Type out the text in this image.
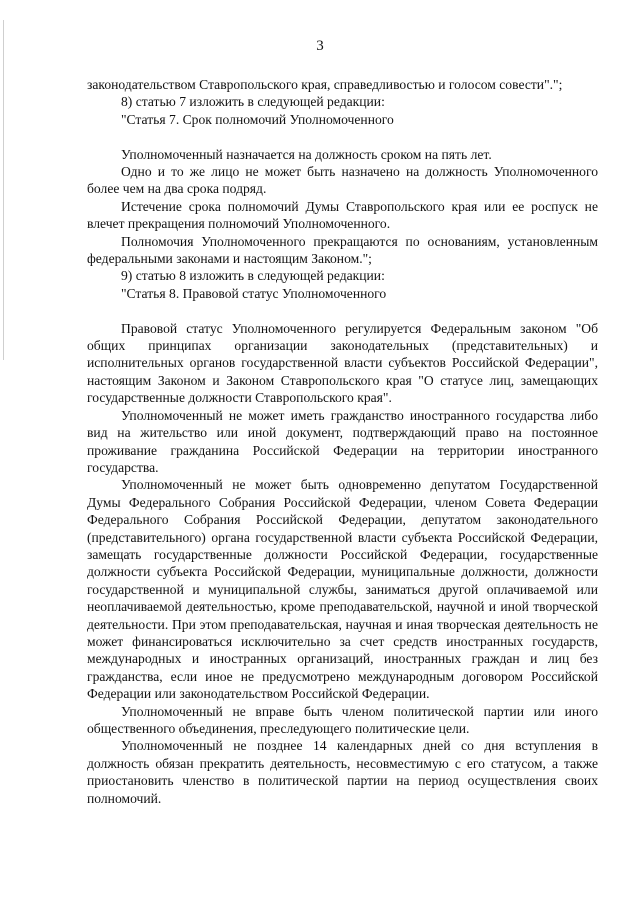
3

законодательством Ставропольского края, справедливостью и голосом совести".";

8) статью 7 изложить в следующей редакции:

"Статья 7. Срок полномочий Уполномоченного

Уполномоченный назначается на должность сроком на пять лет.

Одно и то же лицо не может быть назначено на должность Уполномоченного более чем на два срока подряд.

Истечение срока полномочий Думы Ставропольского края или ее роспуск не влечет прекращения полномочий Уполномоченного.

Полномочия Уполномоченного прекращаются по основаниям, установленным федеральными законами и настоящим Законом.";

9) статью 8 изложить в следующей редакции:

"Статья 8. Правовой статус Уполномоченного

Правовой статус Уполномоченного регулируется Федеральным законом "Об общих принципах организации законодательных (представительных) и исполнительных органов государственной власти субъектов Российской Федерации", настоящим Законом и Законом Ставропольского края "О статусе лиц, замещающих государственные должности Ставропольского края".

Уполномоченный не может иметь гражданство иностранного государства либо вид на жительство или иной документ, подтверждающий право на постоянное проживание гражданина Российской Федерации на территории иностранного государства.

Уполномоченный не может быть одновременно депутатом Государственной Думы Федерального Собрания Российской Федерации, членом Совета Федерации Федерального Собрания Российской Федерации, депутатом законодательного (представительного) органа государственной власти субъекта Российской Федерации, замещать государственные должности Российской Федерации, государственные должности субъекта Российской Федерации, муниципальные должности, должности государственной и муниципальной службы, заниматься другой оплачиваемой или неоплачиваемой деятельностью, кроме преподавательской, научной и иной творческой деятельности. При этом преподавательская, научная и иная творческая деятельность не может финансироваться исключительно за счет средств иностранных государств, международных и иностранных организаций, иностранных граждан и лиц без гражданства, если иное не предусмотрено международным договором Российской Федерации или законодательством Российской Федерации.

Уполномоченный не вправе быть членом политической партии или иного общественного объединения, преследующего политические цели.

Уполномоченный не позднее 14 календарных дней со дня вступления в должность обязан прекратить деятельность, несовместимую с его статусом, а также приостановить членство в политической партии на период осуществления своих полномочий.
